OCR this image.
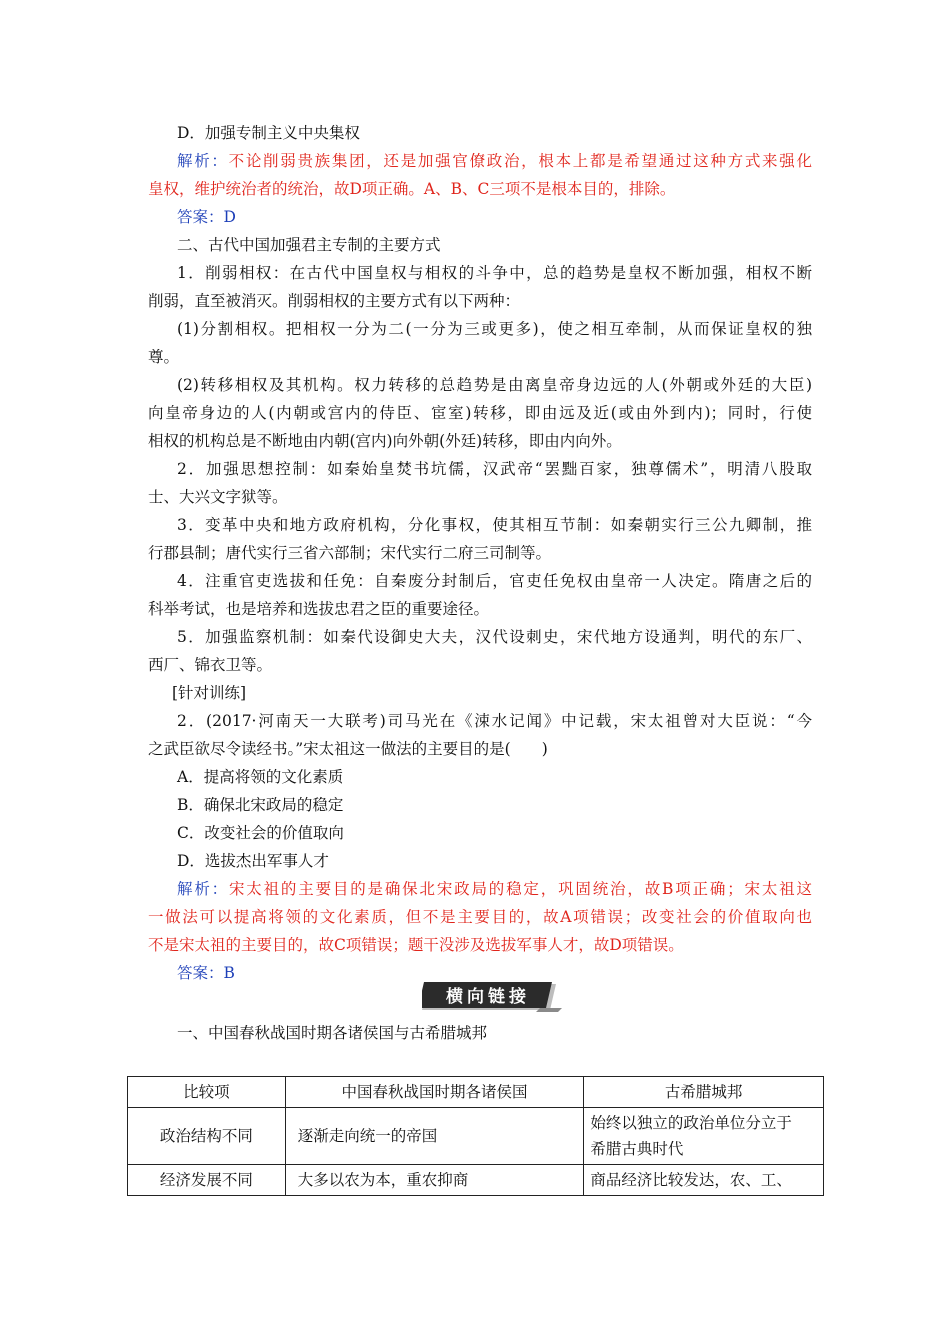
D．加强专制主义中央集权
解析：不论削弱贵族集团，还是加强官僚政治，根本上都是希望通过这种方式来强化
皇权，维护统治者的统治，故D项正确。A、B、C三项不是根本目的，排除。
答案：D
二、古代中国加强君主专制的主要方式
1．削弱相权：在古代中国皇权与相权的斗争中，总的趋势是皇权不断加强，相权不断
削弱，直至被消灭。削弱相权的主要方式有以下两种：
(1)分割相权。把相权一分为二(一分为三或更多)，使之相互牵制，从而保证皇权的独
尊。
(2)转移相权及其机构。权力转移的总趋势是由离皇帝身边远的人(外朝或外廷的大臣)
向皇帝身边的人(内朝或宫内的侍臣、宦室)转移，即由远及近(或由外到内)；同时，行使
相权的机构总是不断地由内朝(宫内)向外朝(外廷)转移，即由内向外。
2．加强思想控制：如秦始皇焚书坑儒，汉武帝“罢黜百家，独尊儒术”，明清八股取
士、大兴文字狱等。
3．变革中央和地方政府机构，分化事权，使其相互节制：如秦朝实行三公九卿制，推
行郡县制；唐代实行三省六部制；宋代实行二府三司制等。
4．注重官吏选拔和任免：自秦废分封制后，官吏任免权由皇帝一人决定。隋唐之后的
科举考试，也是培养和选拔忠君之臣的重要途径。
5．加强监察机制：如秦代设御史大夫，汉代设刺史，宋代地方设通判，明代的东厂、
西厂、锦衣卫等。
[针对训练]
2．(2017·河南天一大联考)司马光在《涑水记闻》中记载，宋太祖曾对大臣说：“今
之武臣欲尽令读经书。”宋太祖这一做法的主要目的是(　　)
A．提高将领的文化素质
B．确保北宋政局的稳定
C．改变社会的价值取向
D．选拔杰出军事人才
解析：宋太祖的主要目的是确保北宋政局的稳定，巩固统治，故B项正确；宋太祖这
一做法可以提高将领的文化素质，但不是主要目的，故A项错误；改变社会的价值取向也
不是宋太祖的主要目的，故C项错误；题干没涉及选拔军事人才，故D项错误。
答案：B
横向链接
一、中国春秋战国时期各诸侯国与古希腊城邦
比较项	中国春秋战国时期各诸侯国	古希腊城邦
政治结构不同	逐渐走向统一的帝国	始终以独立的政治单位分立于
希腊古典时代

经济发展不同	大多以农为本，重农抑商	商品经济比较发达，农、工、
